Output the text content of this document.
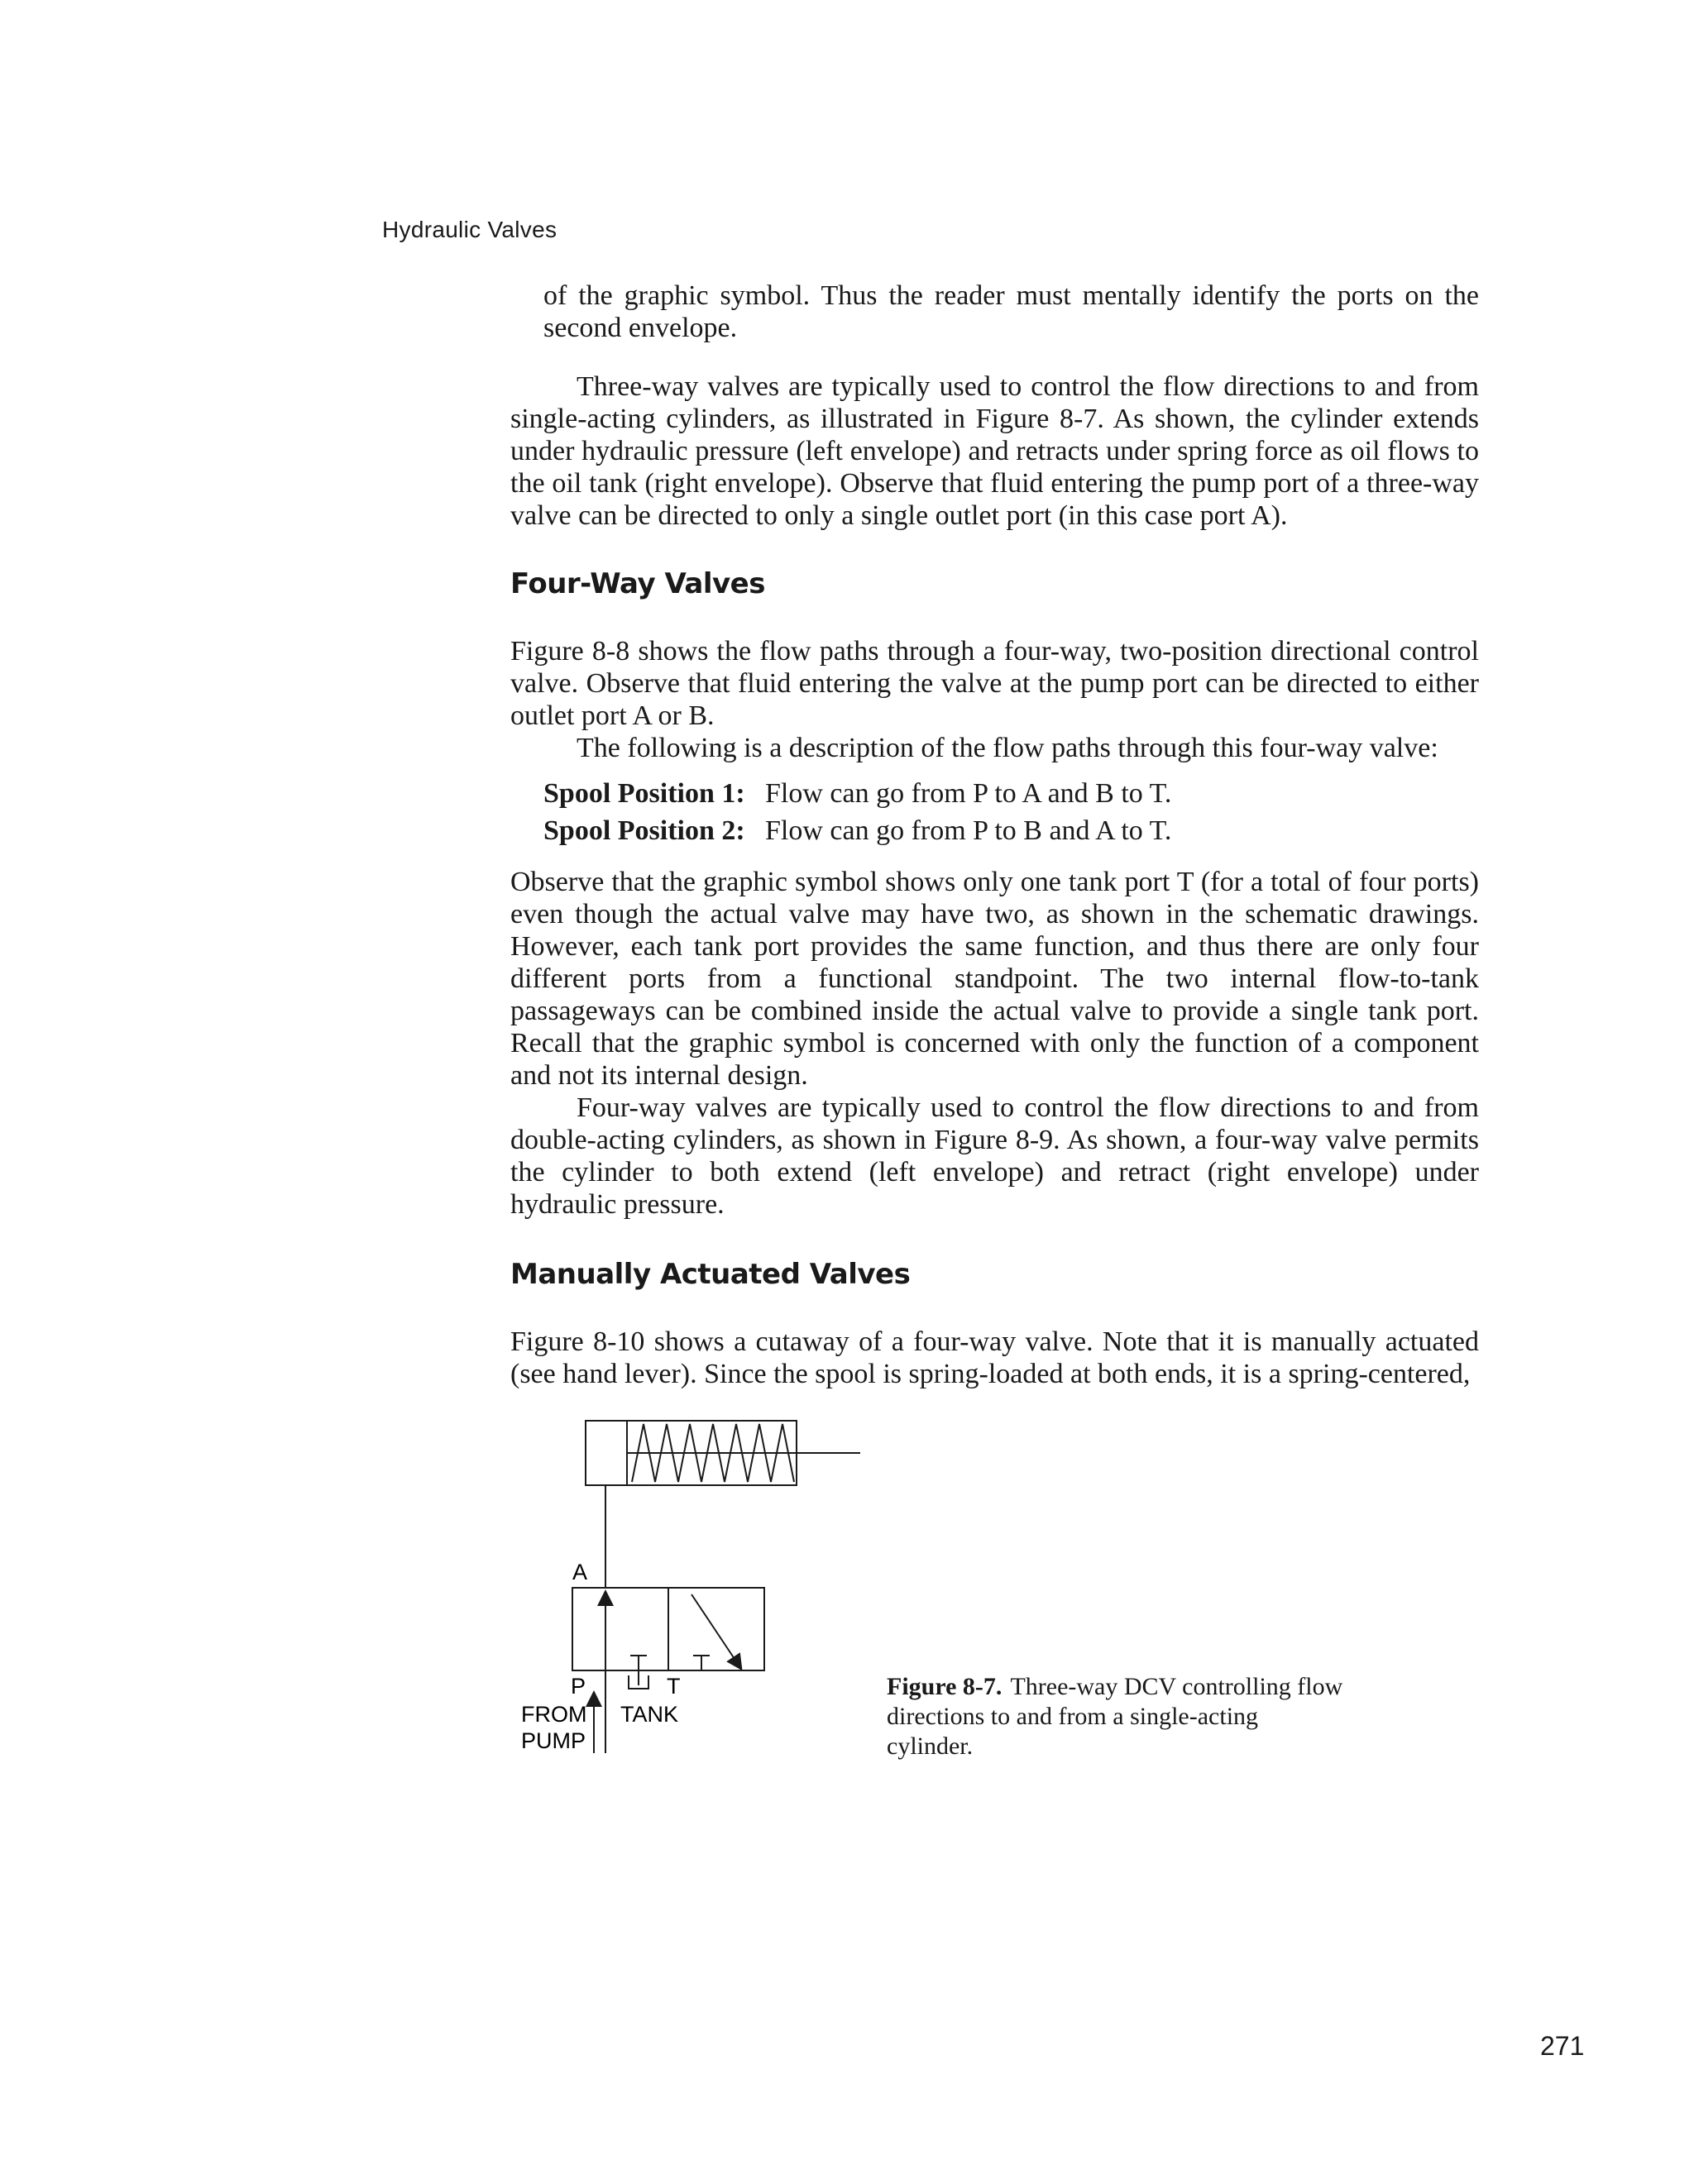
Hydraulic Valves

of the graphic symbol. Thus the reader must mentally identify the ports on the second envelope.

Three-way valves are typically used to control the flow directions to and from single-acting cylinders, as illustrated in Figure 8-7. As shown, the cylinder extends under hydraulic pressure (left envelope) and retracts under spring force as oil flows to the oil tank (right envelope). Observe that fluid entering the pump port of a three-way valve can be directed to only a single outlet port (in this case port A).

Four-Way Valves

Figure 8-8 shows the flow paths through a four-way, two-position directional control valve. Observe that fluid entering the valve at the pump port can be directed to either outlet port A or B.

The following is a description of the flow paths through this four-way valve:

Spool Position 1: Flow can go from P to A and B to T.
Spool Position 2: Flow can go from P to B and A to T.

Observe that the graphic symbol shows only one tank port T (for a total of four ports) even though the actual valve may have two, as shown in the schematic drawings. However, each tank port provides the same function, and thus there are only four different ports from a functional standpoint. The two internal flow-to-tank passageways can be combined inside the actual valve to provide a single tank port. Recall that the graphic symbol is concerned with only the function of a component and not its internal design.

Four-way valves are typically used to control the flow directions to and from double-acting cylinders, as shown in Figure 8-9. As shown, a four-way valve permits the cylinder to both extend (left envelope) and retract (right envelope) under hydraulic pressure.

Manually Actuated Valves

Figure 8-10 shows a cutaway of a four-way valve. Note that it is manually actuated (see hand lever). Since the spool is spring-loaded at both ends, it is a spring-centered,

A
P	T
FROM
PUMP
TANK
Figure 8-7. Three-way DCV controlling flow directions to and from a single-acting cylinder.
271
